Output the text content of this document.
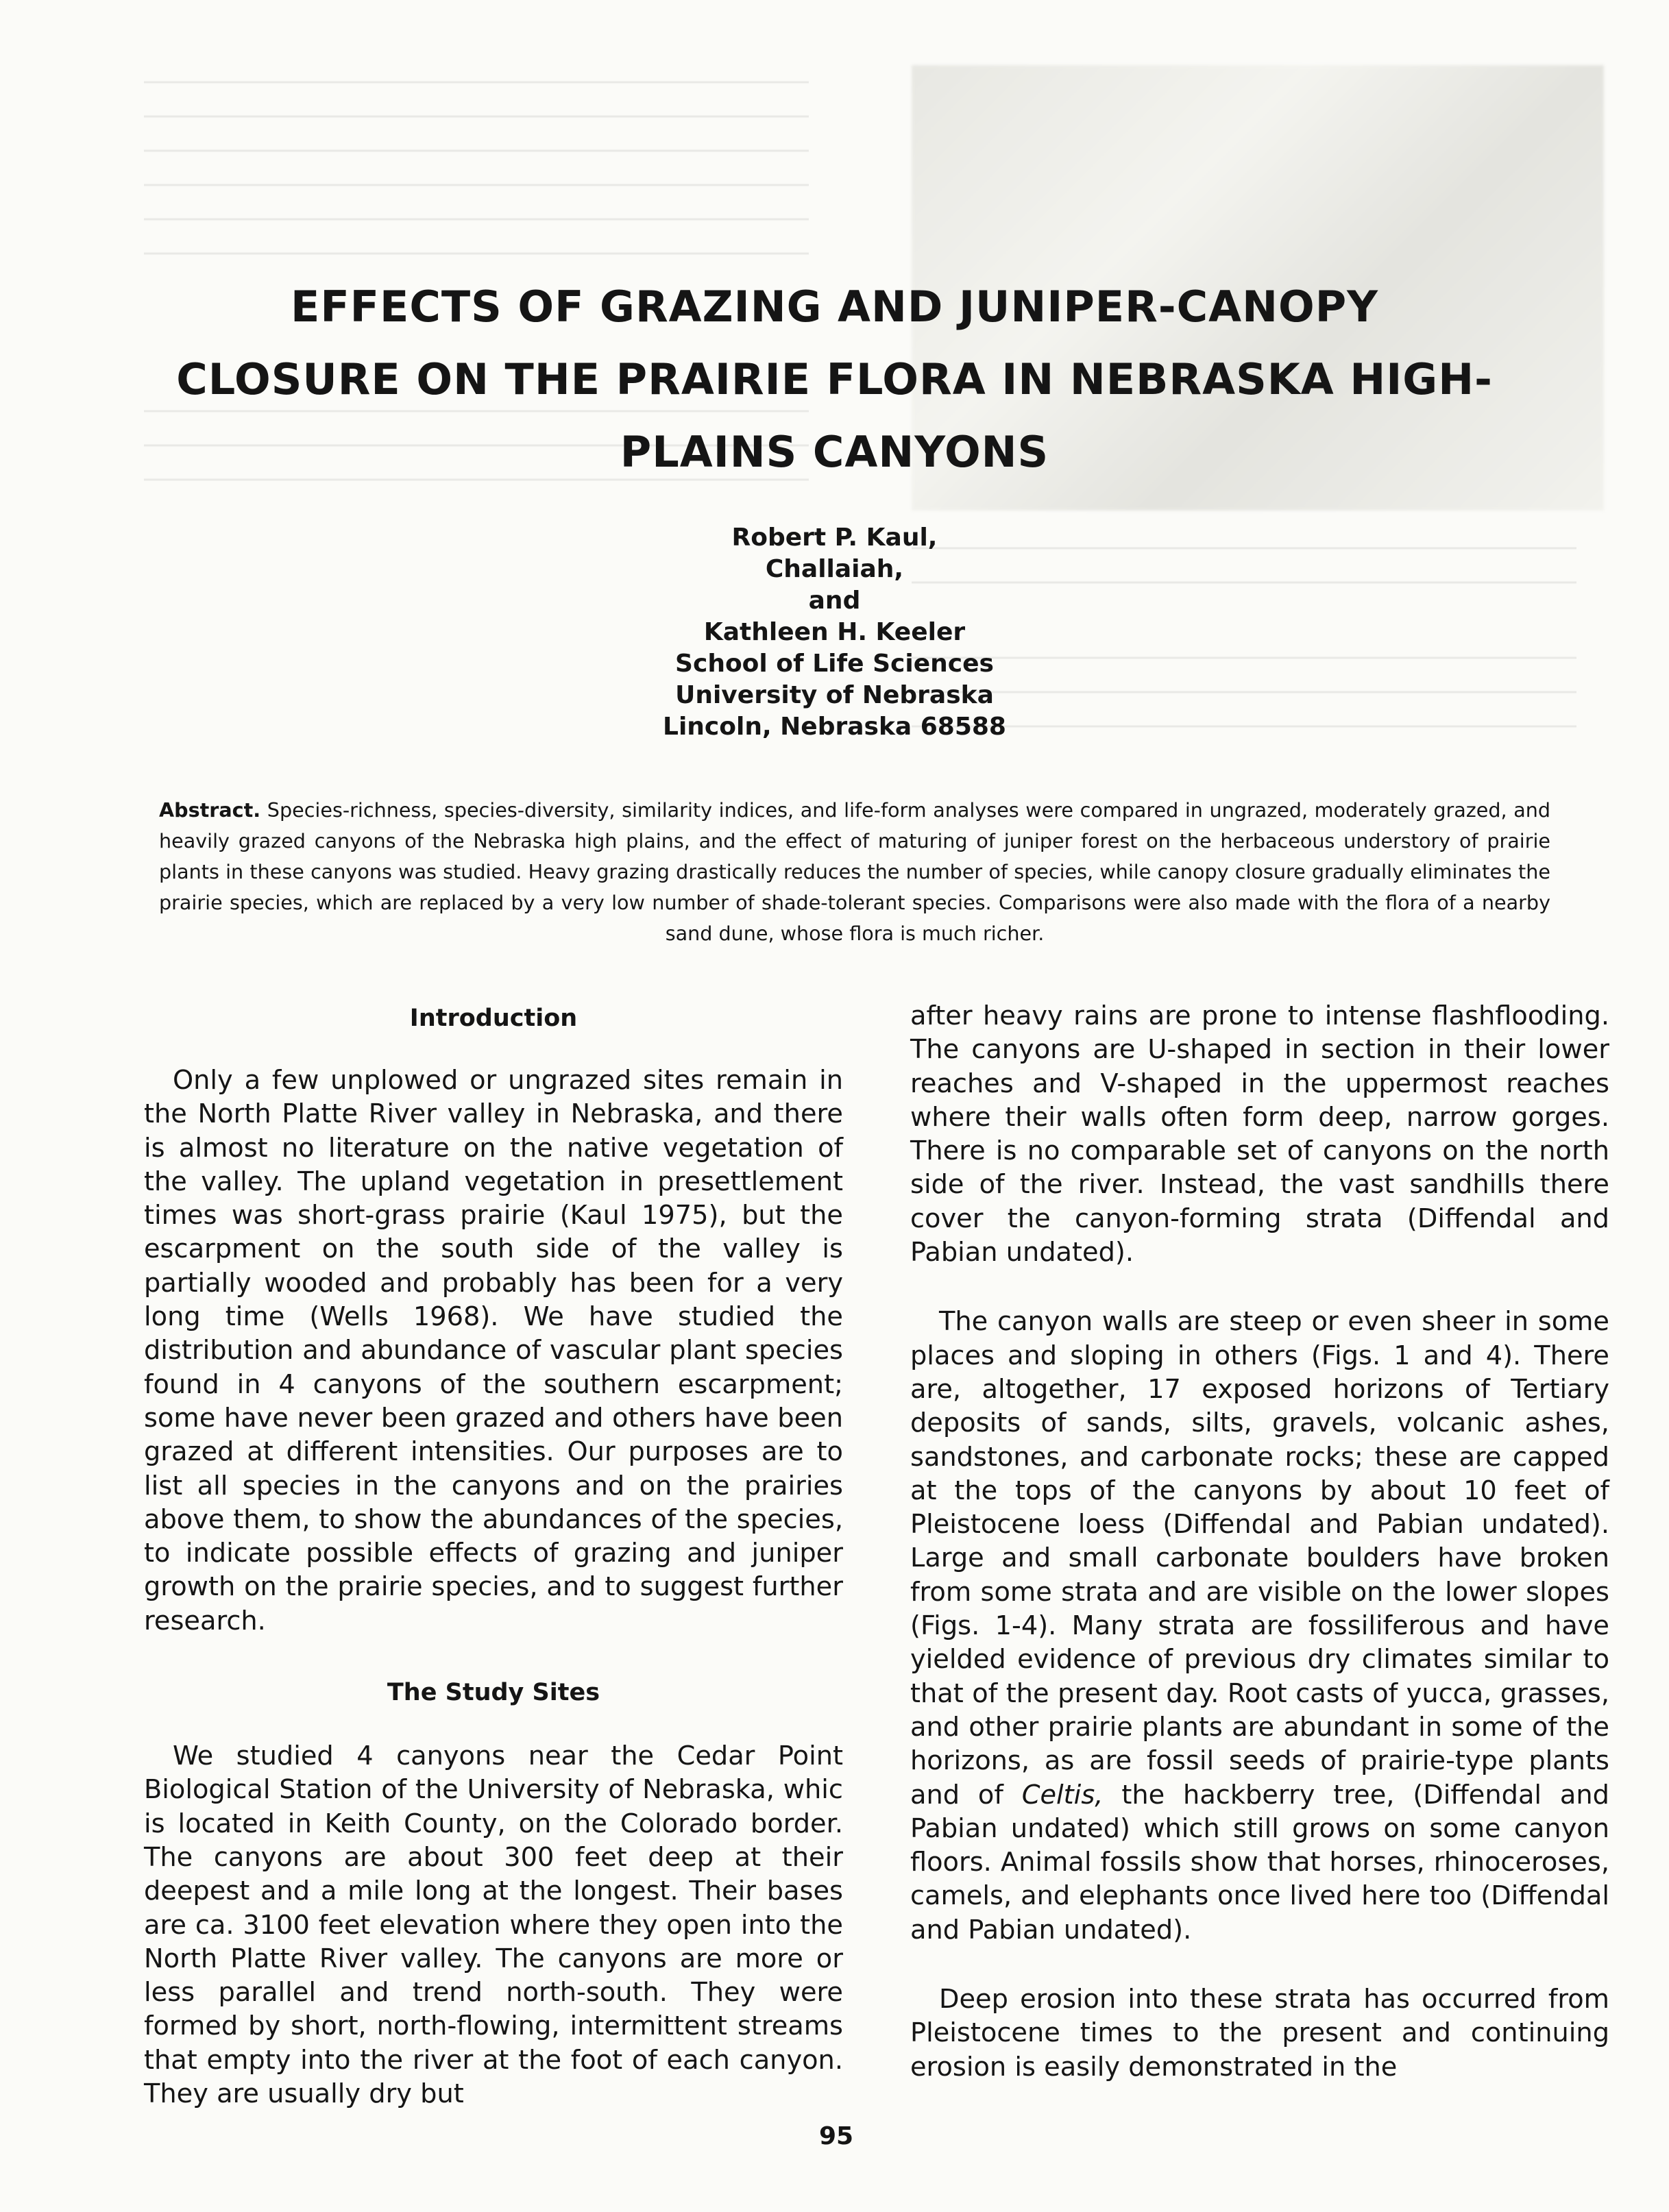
EFFECTS OF GRAZING AND JUNIPER-CANOPY CLOSURE ON THE PRAIRIE FLORA IN NEBRASKA HIGH-PLAINS CANYONS
Robert P. Kaul,
Challaiah,
and
Kathleen H. Keeler
School of Life Sciences
University of Nebraska
Lincoln, Nebraska 68588

Abstract. Species-richness, species-diversity, similarity indices, and life-form analyses were compared in ungrazed, moderately grazed, and heavily grazed canyons of the Nebraska high plains, and the effect of maturing of juniper forest on the herbaceous understory of prairie plants in these canyons was studied. Heavy grazing drastically reduces the number of species, while canopy closure gradually eliminates the prairie species, which are replaced by a very low number of shade-tolerant species. Comparisons were also made with the flora of a nearby sand dune, whose flora is much richer.

Introduction

Only a few unplowed or ungrazed sites remain in the North Platte River valley in Nebraska, and there is almost no literature on the native vegetation of the valley. The upland vegetation in presettlement times was short-grass prairie (Kaul 1975), but the escarpment on the south side of the valley is partially wooded and probably has been for a very long time (Wells 1968). We have studied the distribution and abundance of vascular plant species found in 4 canyons of the southern escarpment; some have never been grazed and others have been grazed at different intensities. Our purposes are to list all species in the canyons and on the prairies above them, to show the abundances of the species, to indicate possible effects of grazing and juniper growth on the prairie species, and to suggest further research.

The Study Sites

We studied 4 canyons near the Cedar Point Biological Station of the University of Nebraska, whic is located in Keith County, on the Colorado border. The canyons are about 300 feet deep at their deepest and a mile long at the longest. Their bases are ca. 3100 feet elevation where they open into the North Platte River valley. The canyons are more or less parallel and trend north-south. They were formed by short, north-flowing, intermittent streams that empty into the river at the foot of each canyon. They are usually dry but

after heavy rains are prone to intense flashflooding. The canyons are U-shaped in section in their lower reaches and V-shaped in the uppermost reaches where their walls often form deep, narrow gorges. There is no comparable set of canyons on the north side of the river. Instead, the vast sandhills there cover the canyon-forming strata (Diffendal and Pabian undated).

The canyon walls are steep or even sheer in some places and sloping in others (Figs. 1 and 4). There are, altogether, 17 exposed horizons of Tertiary deposits of sands, silts, gravels, volcanic ashes, sandstones, and carbonate rocks; these are capped at the tops of the canyons by about 10 feet of Pleistocene loess (Diffendal and Pabian undated). Large and small carbonate boulders have broken from some strata and are visible on the lower slopes (Figs. 1-4). Many strata are fossiliferous and have yielded evidence of previous dry climates similar to that of the present day. Root casts of yucca, grasses, and other prairie plants are abundant in some of the horizons, as are fossil seeds of prairie-type plants and of Celtis, the hackberry tree, (Diffendal and Pabian undated) which still grows on some canyon floors. Animal fossils show that horses, rhinoceroses, camels, and elephants once lived here too (Diffendal and Pabian undated).

Deep erosion into these strata has occurred from Pleistocene times to the present and continuing erosion is easily demonstrated in the

95
